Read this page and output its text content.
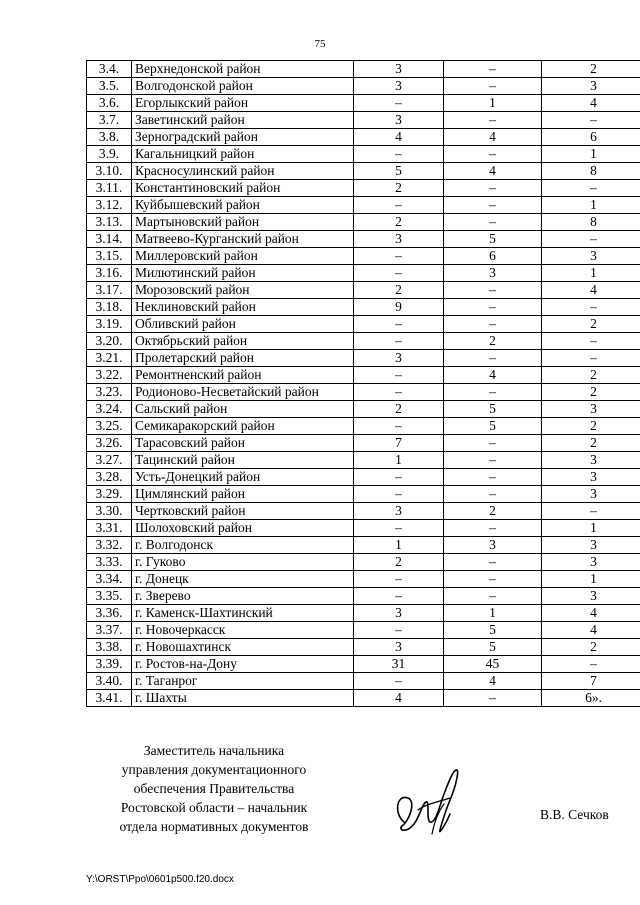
75
3.4.	Верхнедонской район	3	–	2
3.5.	Волгодонской район	3	–	3
3.6.	Егорлыкский район	–	1	4
3.7.	Заветинский район	3	–	–
3.8.	Зерноградский район	4	4	6
3.9.	Кагальницкий район	–	–	1
3.10.	Красносулинский район	5	4	8
3.11.	Константиновский район	2	–	–
3.12.	Куйбышевский район	–	–	1
3.13.	Мартыновский район	2	–	8
3.14.	Матвеево-Курганский район	3	5	–
3.15.	Миллеровский район	–	6	3
3.16.	Милютинский район	–	3	1
3.17.	Морозовский район	2	–	4
3.18.	Неклиновский район	9	–	–
3.19.	Обливский район	–	–	2
3.20.	Октябрьский район	–	2	–
3.21.	Пролетарский район	3	–	–
3.22.	Ремонтненский район	–	4	2
3.23.	Родионово-Несветайский район	–	–	2
3.24.	Сальский район	2	5	3
3.25.	Семикаракорский район	–	5	2
3.26.	Тарасовский район	7	–	2
3.27.	Тацинский район	1	–	3
3.28.	Усть-Донецкий район	–	–	3
3.29.	Цимлянский район	–	–	3
3.30.	Чертковский район	3	2	–
3.31.	Шолоховский район	–	–	1
3.32.	г. Волгодонск	1	3	3
3.33.	г. Гуково	2	–	3
3.34.	г. Донецк	–	–	1
3.35.	г. Зверево	–	–	3
3.36.	г. Каменск-Шахтинский	3	1	4
3.37.	г. Новочеркасск	–	5	4
3.38.	г. Новошахтинск	3	5	2
3.39.	г. Ростов-на-Дону	31	45	–
3.40.	г. Таганрог	–	4	7
3.41.	г. Шахты	4	–	6».
Заместитель начальника
управления документационного
обеспечения Правительства
Ростовской области – начальник
отдела нормативных документов
В.В. Сечков
Y:\ORST\Ppo\0601p500.f20.docx
